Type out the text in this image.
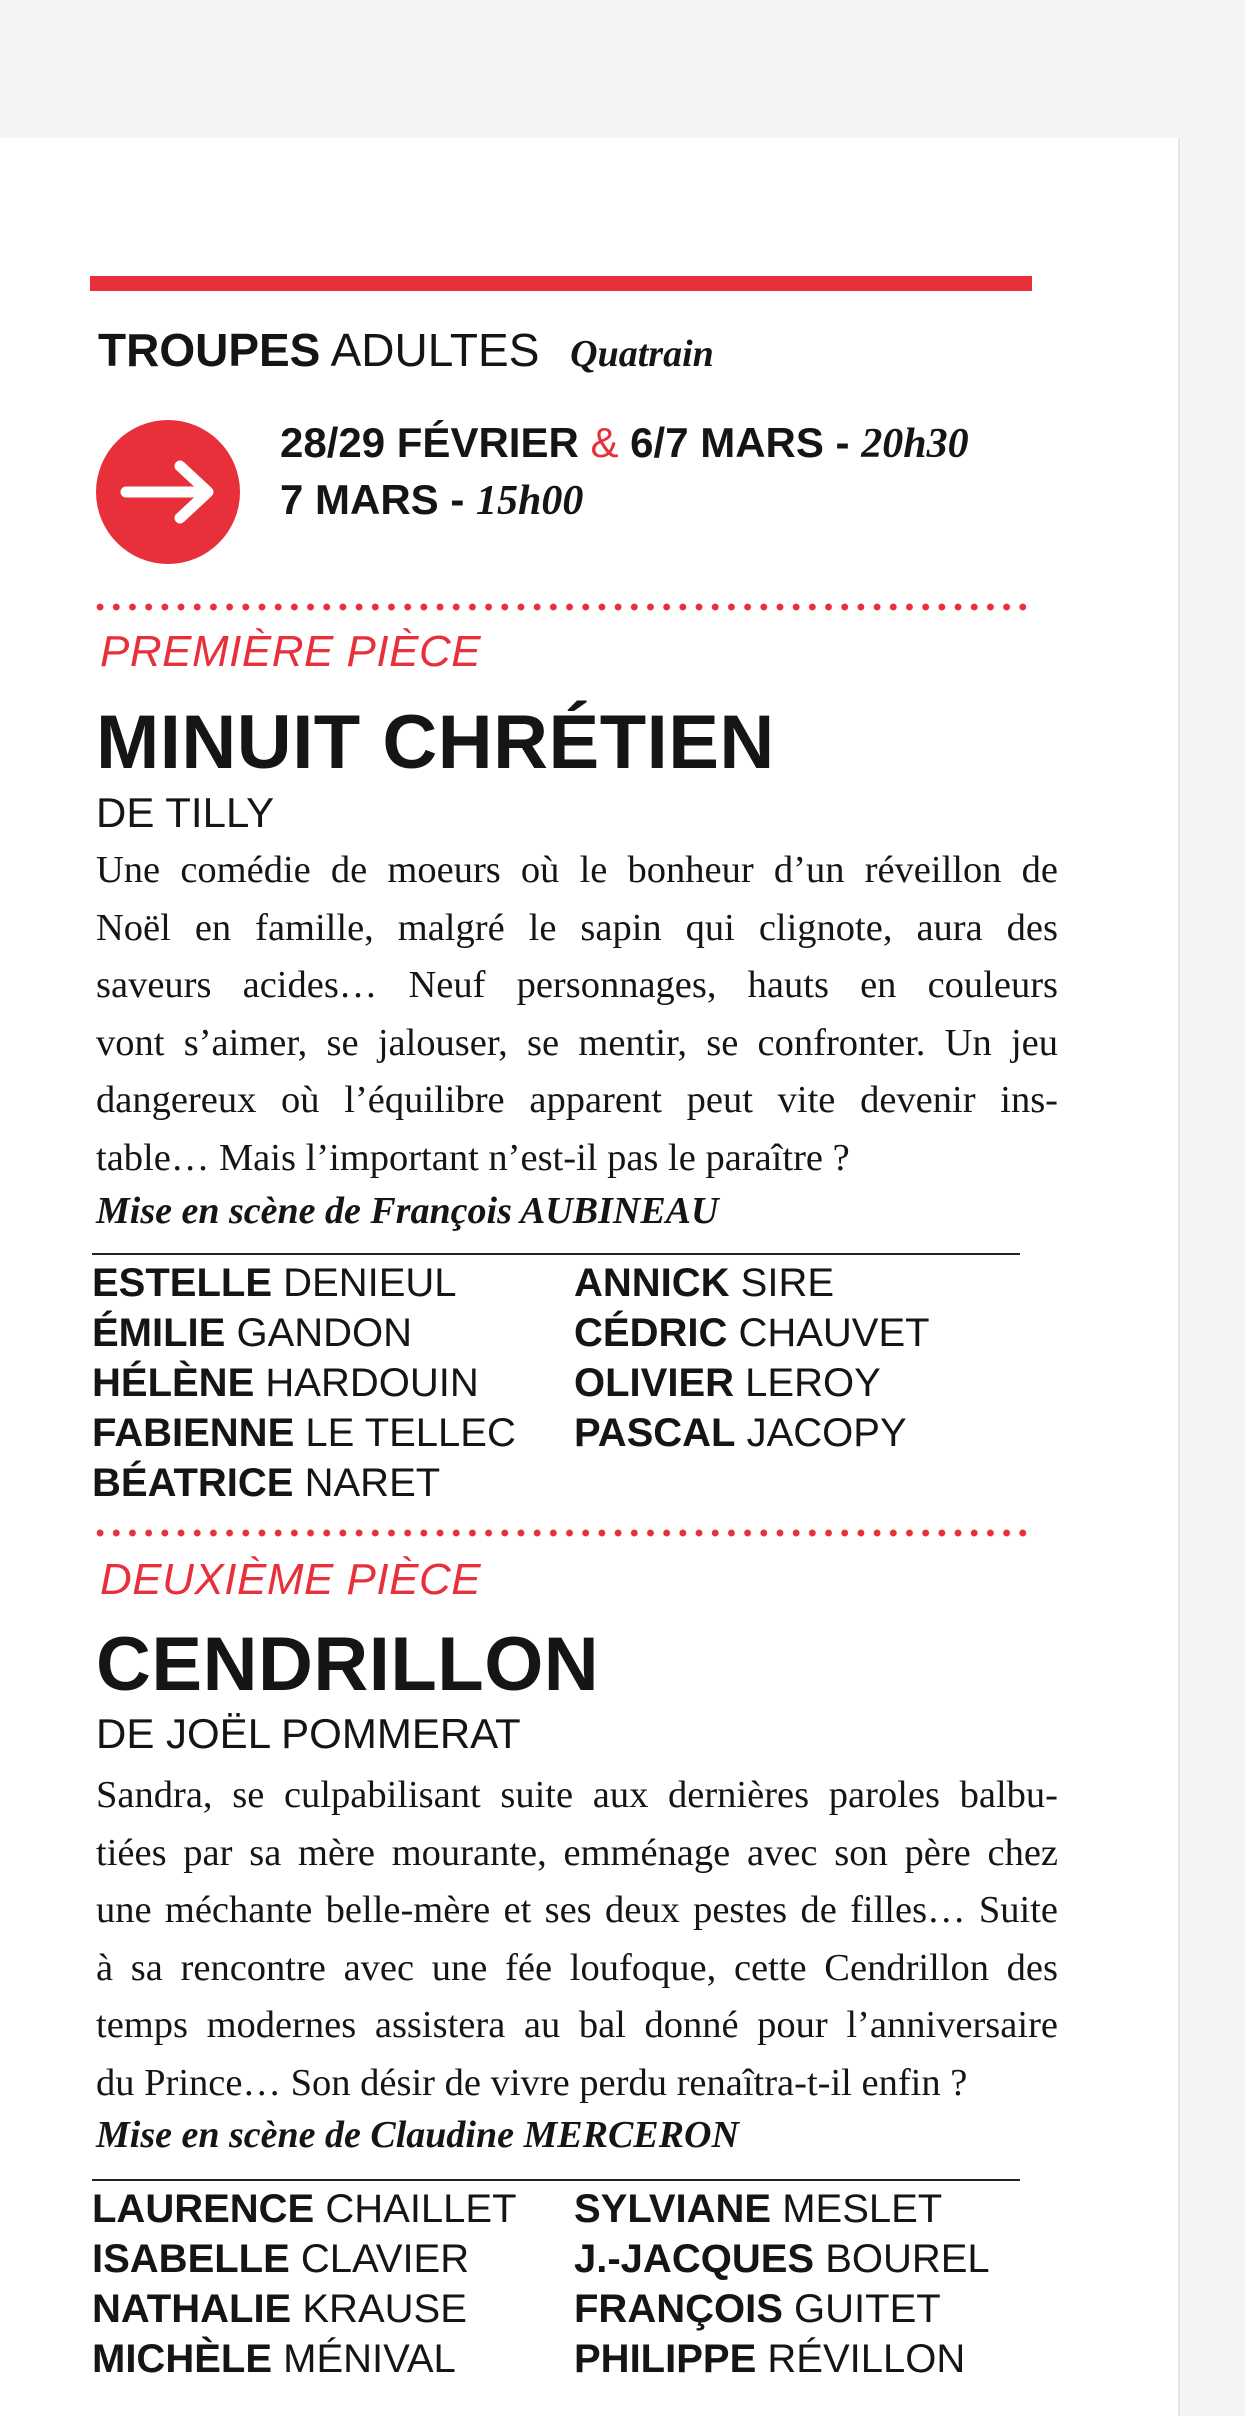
TROUPES ADULTES Quatrain
28/29 FÉVRIER & 6/7 MARS - 20h30
7 MARS - 15h00
PREMIÈRE PIÈCE
MINUIT CHRÉTIEN
DE TILLY
Une comédie de moeurs où le bonheur d’un réveillon de
Noël en famille, malgré le sapin qui clignote, aura des
saveurs acides… Neuf personnages, hauts en couleurs
vont s’aimer, se jalouser, se mentir, se confronter. Un jeu
dangereux où l’équilibre apparent peut vite devenir ins-
table… Mais l’important n’est-il pas le paraître ?
Mise en scène de François AUBINEAU
ESTELLE DENIEUL
ÉMILIE GANDON
HÉLÈNE HARDOUIN
FABIENNE LE TELLEC
BÉATRICE NARET
ANNICK SIRE
CÉDRIC CHAUVET
OLIVIER LEROY
PASCAL JACOPY
DEUXIÈME PIÈCE
CENDRILLON
DE JOËL POMMERAT
Sandra, se culpabilisant suite aux dernières paroles balbu-
tiées par sa mère mourante, emménage avec son père chez
une méchante belle-mère et ses deux pestes de filles… Suite
à sa rencontre avec une fée loufoque, cette Cendrillon des
temps modernes assistera au bal donné pour l’anniversaire
du Prince… Son désir de vivre perdu renaîtra-t-il enfin ?
Mise en scène de Claudine MERCERON
LAURENCE CHAILLET
ISABELLE CLAVIER
NATHALIE KRAUSE
MICHÈLE MÉNIVAL
SYLVIANE MESLET
J.-JACQUES BOUREL
FRANÇOIS GUITET
PHILIPPE RÉVILLON
